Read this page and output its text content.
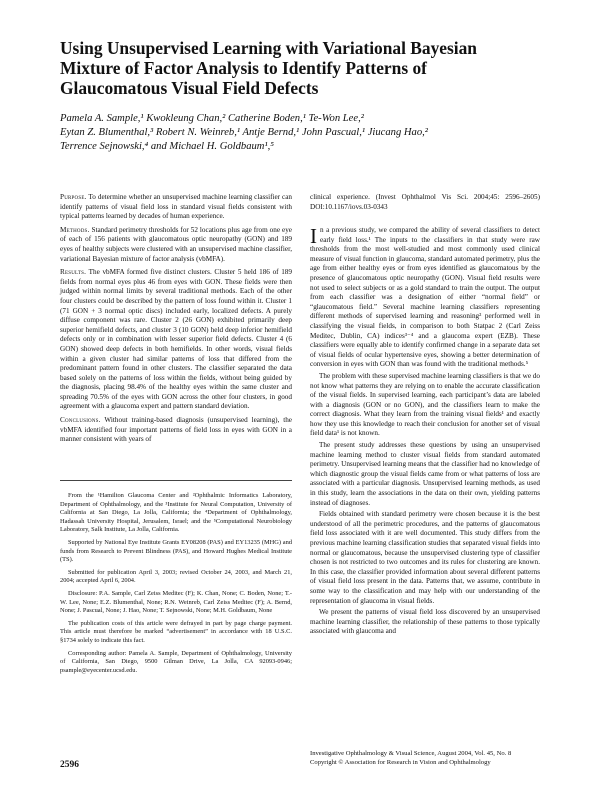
Using Unsupervised Learning with Variational Bayesian
Mixture of Factor Analysis to Identify Patterns of
Glaucomatous Visual Field Defects
Pamela A. Sample,¹ Kwokleung Chan,² Catherine Boden,¹ Te-Won Lee,²
Eytan Z. Blumenthal,³ Robert N. Weinreb,¹ Antje Bernd,¹ John Pascual,¹ Jiucang Hao,²
Terrence Sejnowski,⁴ and Michael H. Goldbaum¹,⁵

Purpose. To determine whether an unsupervised machine learning classifier can identify patterns of visual field loss in standard visual fields consistent with typical patterns learned by decades of human experience.

Methods. Standard perimetry thresholds for 52 locations plus age from one eye of each of 156 patients with glaucomatous optic neuropathy (GON) and 189 eyes of healthy subjects were clustered with an unsupervised machine classifier, variational Bayesian mixture of factor analysis (vbMFA).

Results. The vbMFA formed five distinct clusters. Cluster 5 held 186 of 189 fields from normal eyes plus 46 from eyes with GON. These fields were then judged within normal limits by several traditional methods. Each of the other four clusters could be described by the pattern of loss found within it. Cluster 1 (71 GON + 3 normal optic discs) included early, localized defects. A purely diffuse component was rare. Cluster 2 (26 GON) exhibited primarily deep superior hemifield defects, and cluster 3 (10 GON) held deep inferior hemifield defects only or in combination with lesser superior field defects. Cluster 4 (6 GON) showed deep defects in both hemifields. In other words, visual fields within a given cluster had similar patterns of loss that differed from the predominant pattern found in other clusters. The classifier separated the data based solely on the patterns of loss within the fields, without being guided by the diagnosis, placing 98.4% of the healthy eyes within the same cluster and spreading 70.5% of the eyes with GON across the other four clusters, in good agreement with a glaucoma expert and pattern standard deviation.

Conclusions. Without training-based diagnosis (unsupervised learning), the vbMFA identified four important patterns of field loss in eyes with GON in a manner consistent with years of

clinical experience. (Invest Ophthalmol Vis Sci. 2004;45: 2596–2605) DOI:10.1167/iovs.03-0343

In a previous study, we compared the ability of several classifiers to detect early field loss.¹ The inputs to the classifiers in that study were raw thresholds from the most well-studied and most commonly used clinical measure of visual function in glaucoma, standard automated perimetry, plus the age from either healthy eyes or from eyes identified as glaucomatous by the presence of glaucomatous optic neuropathy (GON). Visual field results were not used to select subjects or as a gold standard to train the output. The output from each classifier was a designation of either “normal field” or “glaucomatous field.” Several machine learning classifiers representing different methods of supervised learning and reasoning² performed well in classifying the visual fields, in comparison to both Statpac 2 (Carl Zeiss Meditec, Dublin, CA) indices³⁻⁴ and a glaucoma expert (EZB). These classifiers were equally able to identify confirmed change in a separate data set of visual fields of ocular hypertensive eyes, showing a better determination of conversion in eyes with GON than was found with the traditional methods.⁵

The problem with these supervised machine learning classifiers is that we do not know what patterns they are relying on to enable the accurate classification of the visual fields. In supervised learning, each participant’s data are labeled with a diagnosis (GON or no GON), and the classifiers learn to make the correct diagnosis. What they learn from the training visual fields¹ and exactly how they use this knowledge to reach their conclusion for another set of visual field data¹ is not known.

The present study addresses these questions by using an unsupervised machine learning method to cluster visual fields from standard automated perimetry. Unsupervised learning means that the classifier had no knowledge of which diagnostic group the visual fields came from or what patterns of loss are associated with a particular diagnosis. Unsupervised learning methods, as used in this study, learn the associations in the data on their own, yielding patterns instead of diagnoses.

Fields obtained with standard perimetry were chosen because it is the best understood of all the perimetric procedures, and the patterns of glaucomatous field loss associated with it are well documented. This study differs from the previous machine learning classification studies that separated visual fields into normal or glaucomatous, because the unsupervised clustering type of classifier chosen is not restricted to two outcomes and its rules for clustering are known. In this case, the classifier provided information about several different patterns of visual field loss present in the data. Patterns that, we assume, contribute in some way to the classification and may help with our understanding of the representation of glaucoma in visual fields.

We present the patterns of visual field loss discovered by an unsupervised machine learning classifier, the relationship of these patterns to those typically associated with glaucoma and

From the ¹Hamilton Glaucoma Center and ²Ophthalmic Informatics Laboratory, Department of Ophthalmology, and the ³Institute for Neural Computation, University of California at San Diego, La Jolla, California; the ⁴Department of Ophthalmology, Hadassah University Hospital, Jerusalem, Israel; and the ⁵Computational Neurobiology Laboratory, Salk Institute, La Jolla, California.

Supported by National Eye Institute Grants EY08208 (PAS) and EY13235 (MHG) and funds from Research to Prevent Blindness (PAS), and Howard Hughes Medical Institute (TS).

Submitted for publication April 3, 2003; revised October 24, 2003, and March 21, 2004; accepted April 6, 2004.

Disclosure: P.A. Sample, Carl Zeiss Meditec (F); K. Chan, None; C. Boden, None; T.-W. Lee, None; E.Z. Blumenthal, None; R.N. Weinreb, Carl Zeiss Meditec (F); A. Bernd, None; J. Pascual, None; J. Hao, None; T. Sejnowski, None; M.H. Goldbaum, None

The publication costs of this article were defrayed in part by page charge payment. This article must therefore be marked “advertisement” in accordance with 18 U.S.C. §1734 solely to indicate this fact.

Corresponding author: Pamela A. Sample, Department of Ophthalmology, University of California, San Diego, 9500 Gilman Drive, La Jolla, CA 92093-0946; psample@eyecenter.ucsd.edu.

2596
Investigative Ophthalmology & Visual Science, August 2004, Vol. 45, No. 8
Copyright © Association for Research in Vision and Ophthalmology
